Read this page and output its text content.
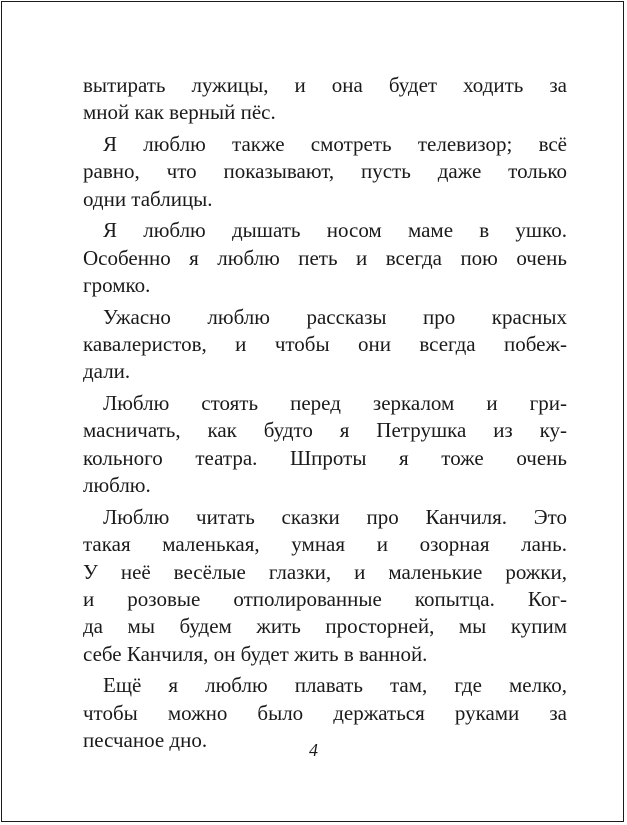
вытирать лужицы, и она будет ходить за
мной как верный пёс.
Я люблю также смотреть телевизор; всё
равно, что показывают, пусть даже только
одни таблицы.
Я люблю дышать носом маме в ушко.
Особенно я люблю петь и всегда пою очень
громко.
Ужасно люблю рассказы про красных
кавалеристов, и чтобы они всегда побеж-
дали.
Люблю стоять перед зеркалом и гри-
масничать, как будто я Петрушка из ку-
кольного театра. Шпроты я тоже очень
люблю.
Люблю читать сказки про Канчиля. Это
такая маленькая, умная и озорная лань.
У неё весёлые глазки, и маленькие рожки,
и розовые отполированные копытца. Ког-
да мы будем жить просторней, мы купим
себе Канчиля, он будет жить в ванной.
Ещё я люблю плавать там, где мелко,
чтобы можно было держаться руками за
песчаное дно.	4
